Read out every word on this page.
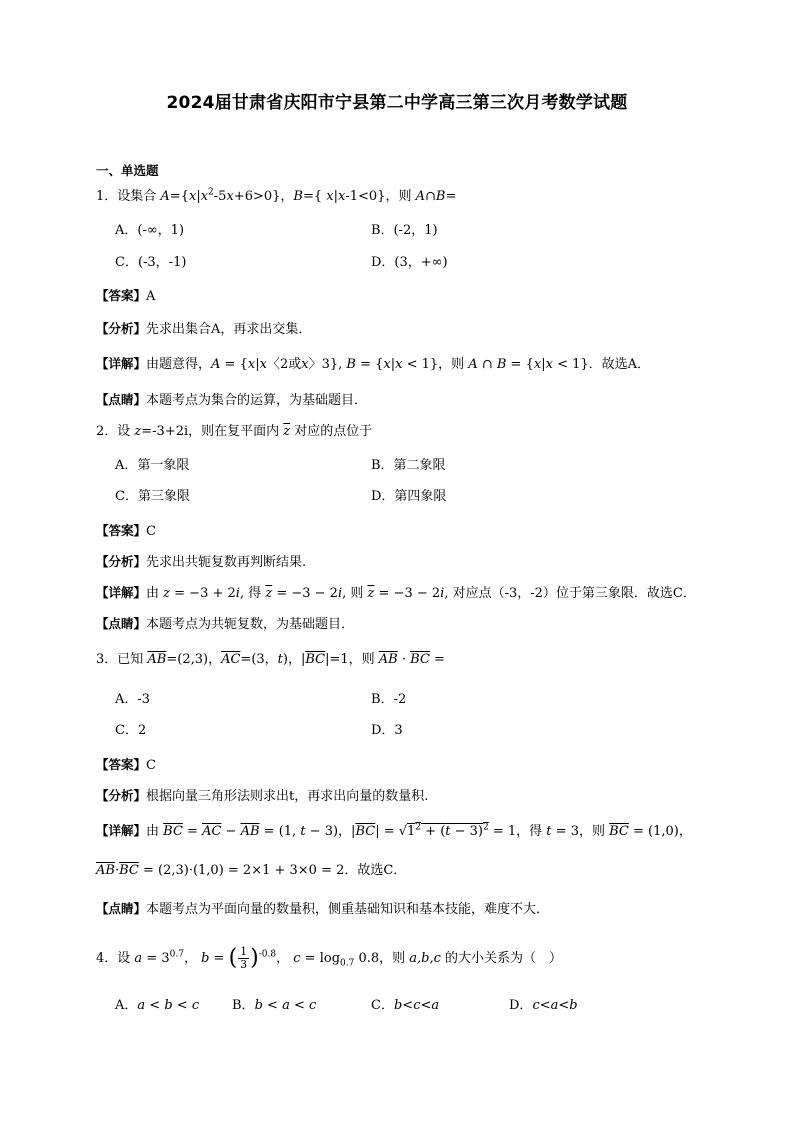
2024届甘肃省庆阳市宁县第二中学高三第三次月考数学试题
一、单选题
1．设集合 $A=\{x|x^2-5x+6>0\}$，B={ x|x-1<0}，则 A∩B=
A．(-∞，1)	B．(-2，1)
C．(-3，-1)	D．(3，+∞)
【答案】A
【分析】先求出集合A，再求出交集．
【详解】由题意得，A = {x|x〈2或x〉3}, B = {x|x < 1}，则 A ∩ B = {x|x < 1}．故选A．
【点睛】本题考点为集合的运算，为基础题目．
2．设 z=-3+2i，则在复平面内 $\overline{z}$ 对应的点位于
A．第一象限	B．第二象限
C．第三象限	D．第四象限
【答案】C
【分析】先求出共轭复数再判断结果.
【详解】由 z = −3 + 2i, 得 $\overline{z} = -3 - 2i$, 则 $\overline{z} = -3 - 2i$, 对应点（-3，-2）位于第三象限．故选C．
【点睛】本题考点为共轭复数，为基础题目．
3．已知 $\overline{AB}=(2,3)$，$\overline{AC}=(3$，t)，$|\overline{BC}|=1$，则 $\overline{AB} \cdot \overline{BC}$ =
A．-3	B．-2
C．2	D．3
【答案】C
【分析】根据向量三角形法则求出t，再求出向量的数量积.
【详解】由 $\overline{BC} = \overline{AC} - \overline{AB} = (1$, t − 3)，$|\overline{BC}| = √1^2 + (t - 3)^2 = 1$，得 t = 3，则 $\overline{BC} = (1,0)$，
$\overline{AB}\cdot\overline{BC} = (2,3)\cdot(1,0) = 2\times 1 + 3\times 0 = 2$．故选C．
【点睛】本题考点为平面向量的数量积，侧重基础知识和基本技能，难度不大．
4．设 $a = 3^{0.7}$， b = ( $\frac{1}{3} )^{-0.8}$， $c = \log_{0.7} 0.8$，则 a,b,c 的大小关系为（　）
A．a < b < c	B．b < a < c	C．b<c<a	D．c<a<b
